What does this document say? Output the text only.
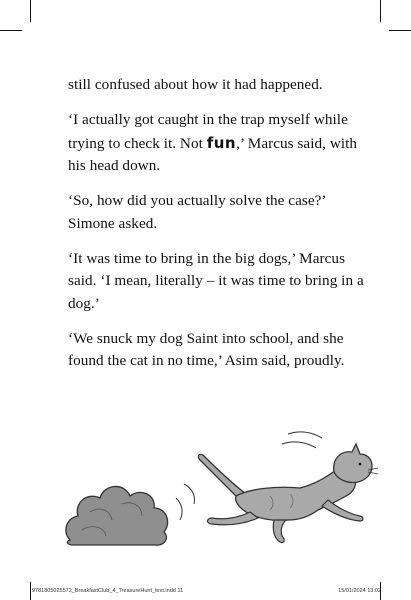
still confused about how it had happened.

‘I actually got caught in the trap myself while trying to check it. Not fun,’ Marcus said, with his head down.

‘So, how did you actually solve the case?’ Simone asked.

‘It was time to bring in the big dogs,’ Marcus said. ‘I mean, literally – it was time to bring in a dog.’

‘We snuck my dog Saint into school, and she found the cat in no time,’ Asim said, proudly.

9781805025572_BreakfastClub_4_TreasureHunt_text.indd 11	15/01/2024 13:02
